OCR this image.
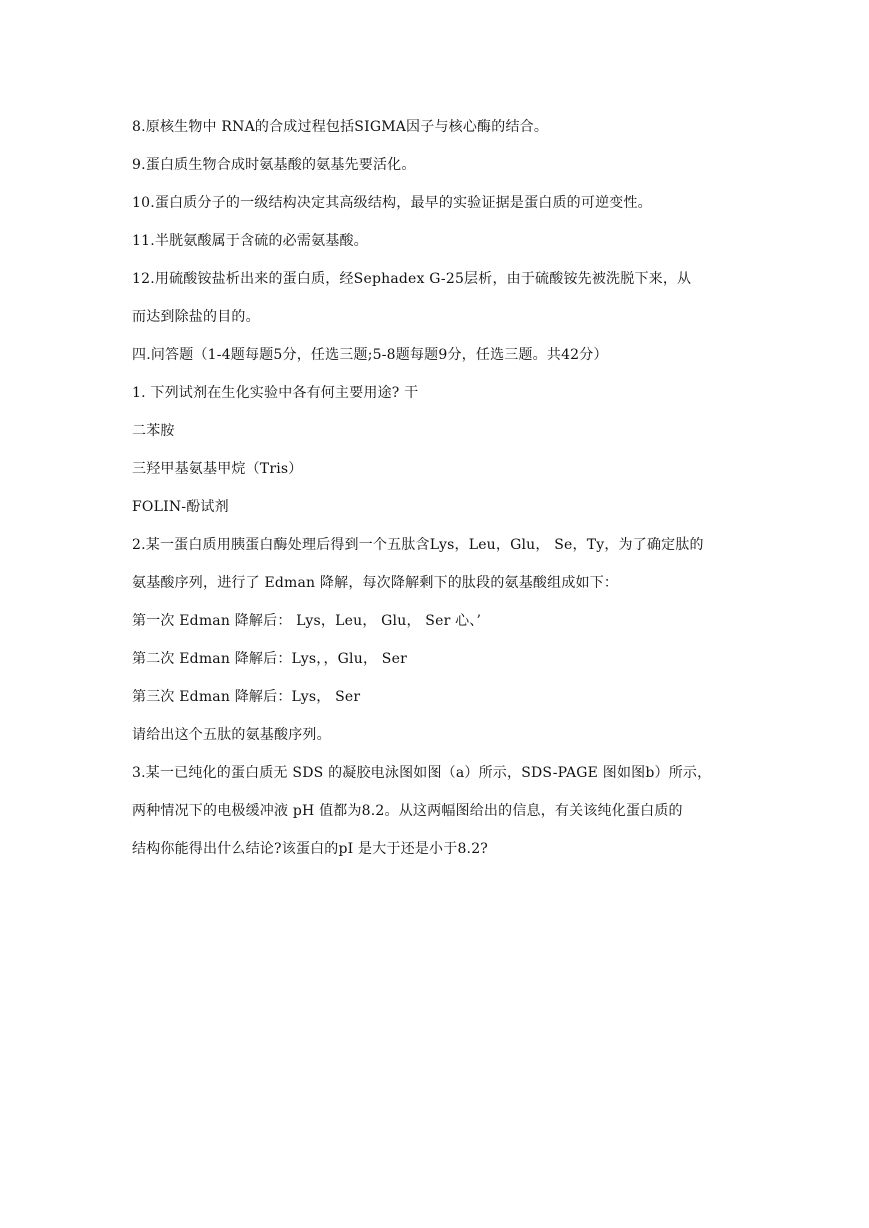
8.原核生物中 RNA的合成过程包括SIGMA因子与核心酶的结合。
9.蛋白质生物合成时氨基酸的氨基先要活化。
10.蛋白质分子的一级结构决定其高级结构，最早的实验证据是蛋白质的可逆变性。
11.半胱氨酸属于含硫的必需氨基酸。
12.用硫酸铵盐析出来的蛋白质，经Sephadex G-25层析，由于硫酸铵先被洗脱下来，从
而达到除盐的目的。
四.问答题（1-4题每题5分，任选三题;5-8题每题9分，任选三题。共42分）
1. 下列试剂在生化实验中各有何主要用途? 干
二苯胺
三羟甲基氨基甲烷（Tris）
FOLIN-酚试剂
2.某一蛋白质用胰蛋白酶处理后得到一个五肽含Lys，Leu，Glu， Se，Ty，为了确定肽的
氨基酸序列，进行了 Edman 降解，每次降解剩下的肽段的氨基酸组成如下：
第一次 Edman 降解后： Lys，Leu， Glu， Ser 心、’
第二次 Edman 降解后：Lys，，Glu， Ser
第三次 Edman 降解后：Lys， Ser
请给出这个五肽的氨基酸序列。
3.某一已纯化的蛋白质无 SDS 的凝胶电泳图如图（a）所示，SDS-PAGE 图如图b）所示，
两种情况下的电极缓冲液 pH 值都为8.2。从这两幅图给出的信息，有关该纯化蛋白质的
结构你能得出什么结论?该蛋白的pI 是大于还是小于8.2?
